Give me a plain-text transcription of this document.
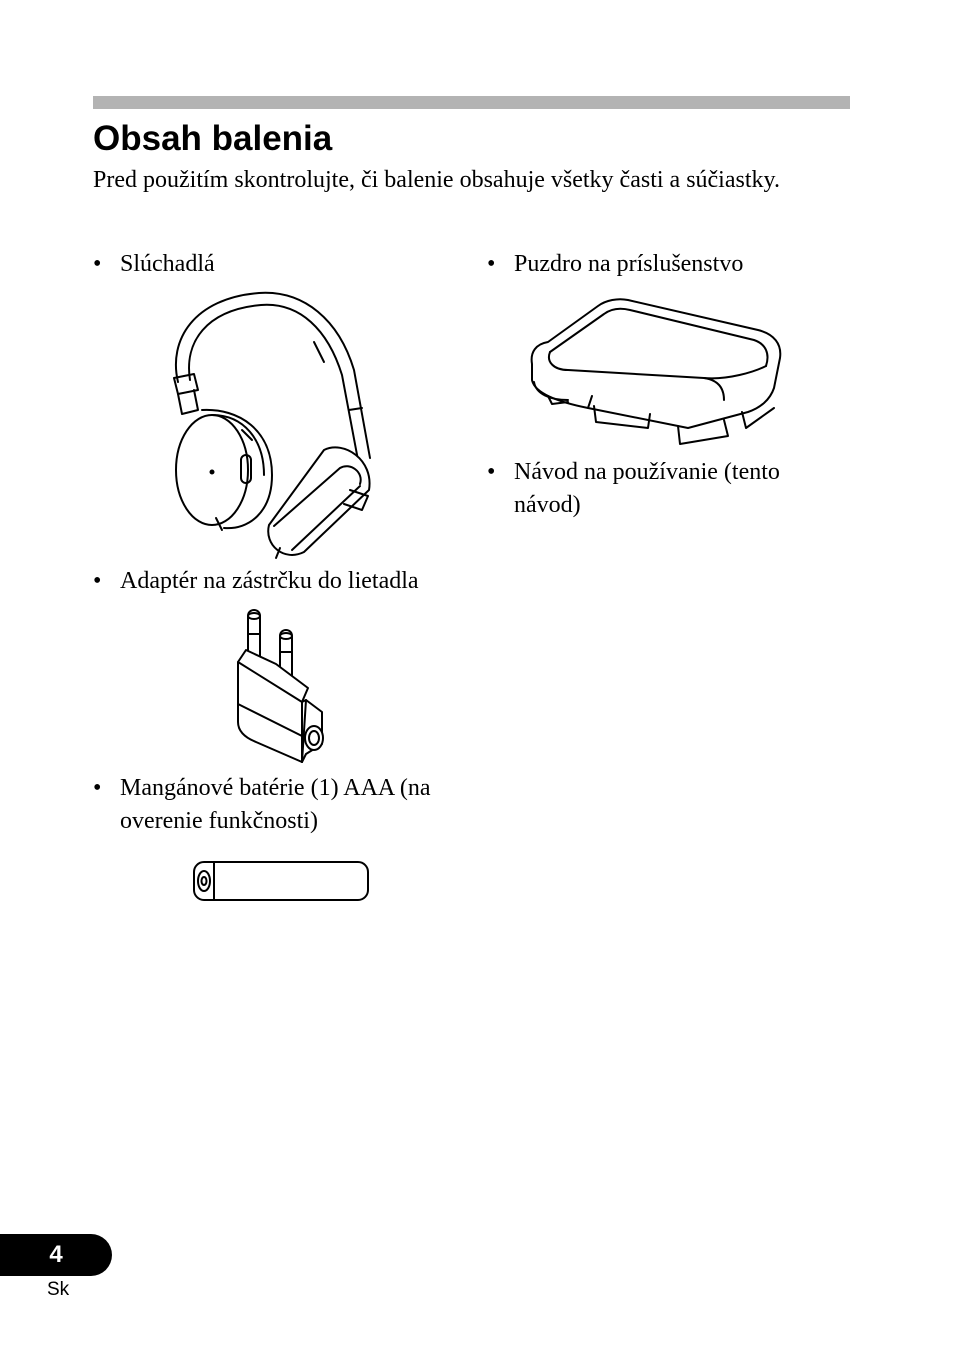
Obsah balenia

Pred použitím skontrolujte, či balenie obsahuje všetky časti a súčiastky.

• Slúchadlá	• Puzdro na príslušenstvo
• Návod na používanie (tento návod)
• Adaptér na zástrčku do lietadla
• Mangánové batérie (1) AAA (na overenie funkčnosti)
4
Sk
